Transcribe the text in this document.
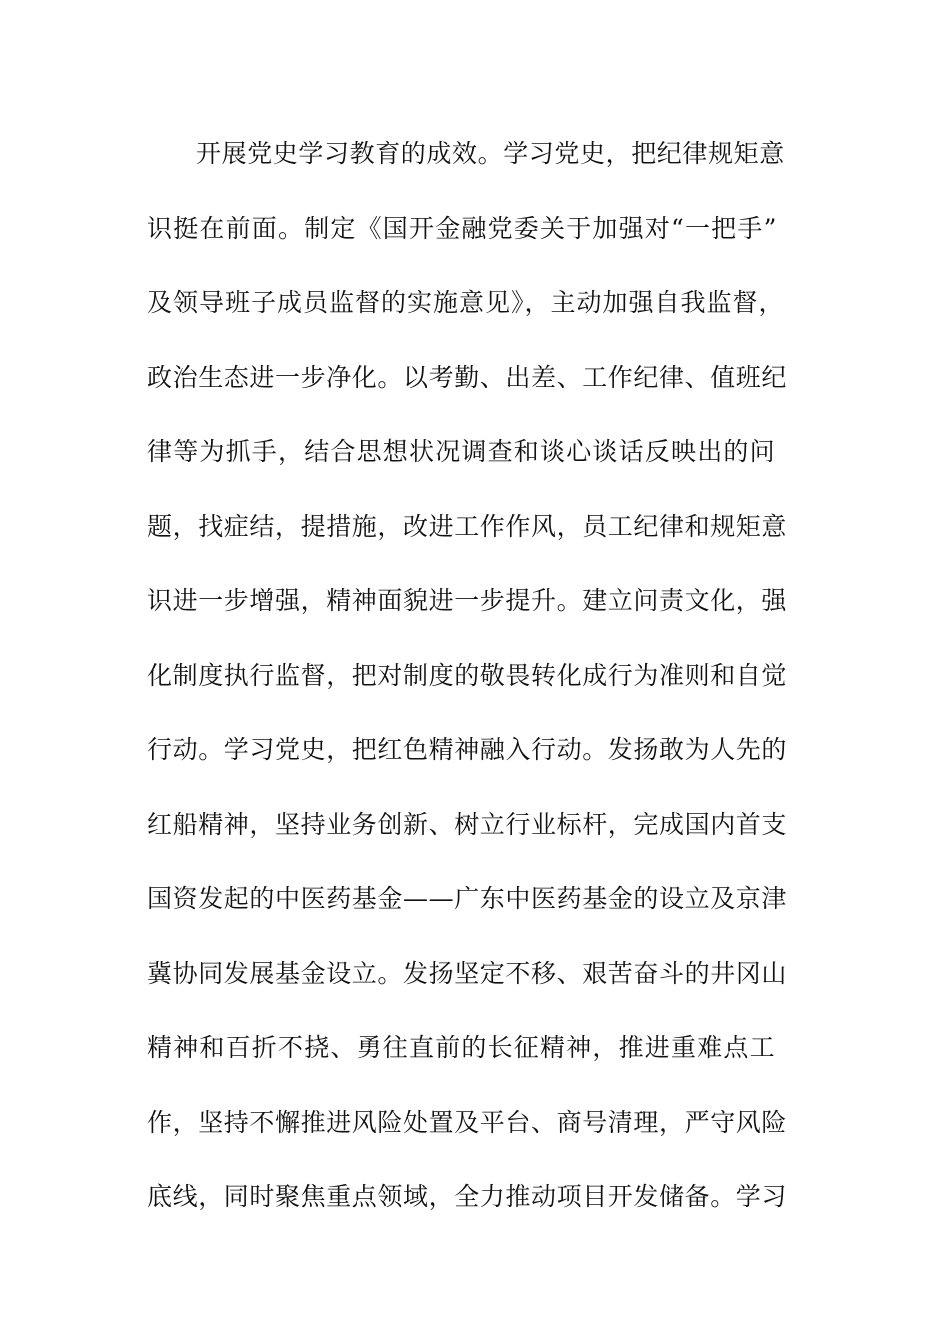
开展党史学习教育的成效。学习党史，把纪律规矩意
识挺在前面。制定《国开金融党委关于加强对“一把手”
及领导班子成员监督的实施意见》，主动加强自我监督，
政治生态进一步净化。以考勤、出差、工作纪律、值班纪
律等为抓手，结合思想状况调查和谈心谈话反映出的问
题，找症结，提措施，改进工作作风，员工纪律和规矩意
识进一步增强，精神面貌进一步提升。建立问责文化，强
化制度执行监督，把对制度的敬畏转化成行为准则和自觉
行动。学习党史，把红色精神融入行动。发扬敢为人先的
红船精神，坚持业务创新、树立行业标杆，完成国内首支
国资发起的中医药基金——广东中医药基金的设立及京津
冀协同发展基金设立。发扬坚定不移、艰苦奋斗的井冈山
精神和百折不挠、勇往直前的长征精神，推进重难点工
作，坚持不懈推进风险处置及平台、商号清理，严守风险
底线，同时聚焦重点领域，全力推动项目开发储备。学习
